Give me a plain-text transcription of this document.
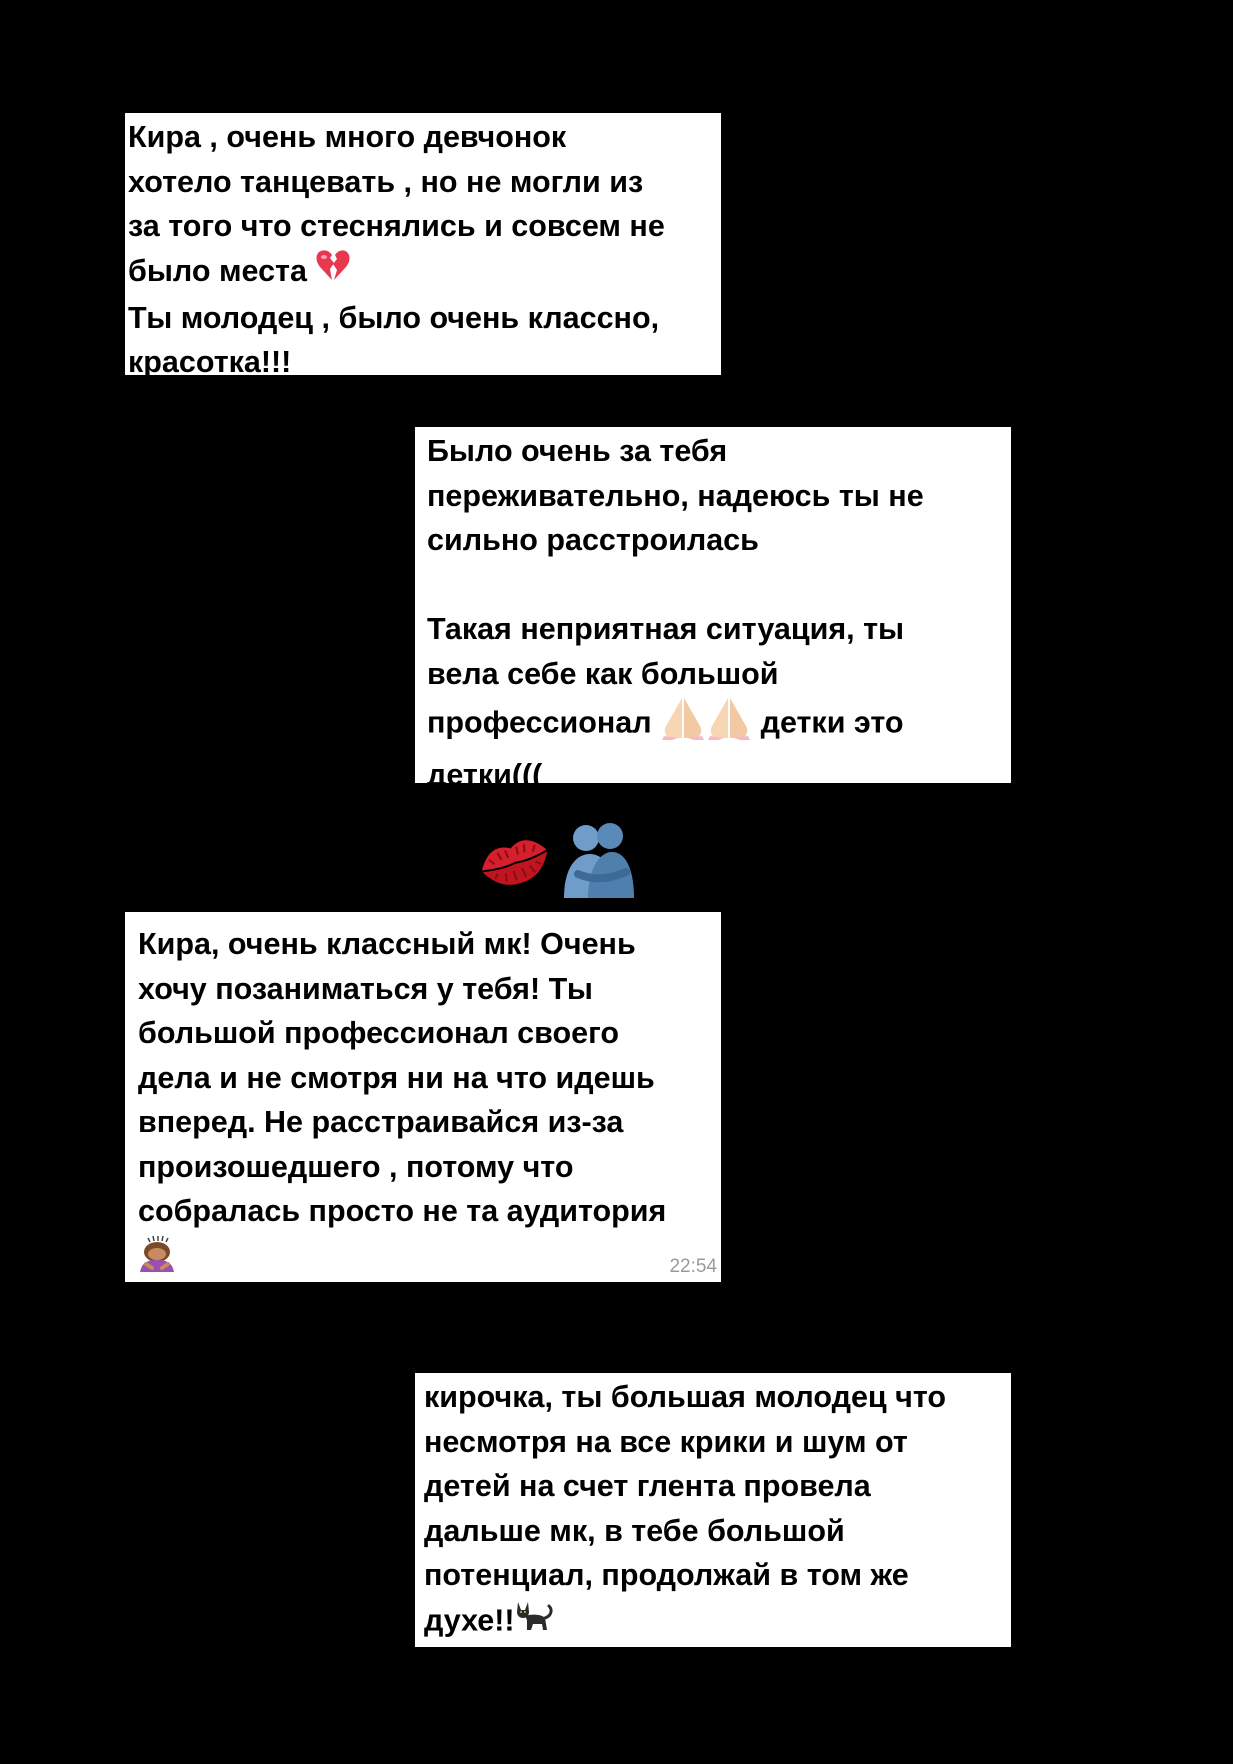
Кира , очень много девчонок
хотело танцевать , но не могли из
за того что стеснялись и совсем не
было места
Ты молодец , было очень классно,
красотка!!!
Было очень за тебя
переживательно, надеюсь ты не
сильно расстроилась
Такая неприятная ситуация, ты
вела себе как большой
профессионал	детки это
детки(((
Кира, очень классный мк! Очень
хочу позаниматься у тебя! Ты
большой профессионал своего
дела и не смотря ни на что идешь
вперед. Не расстраивайся из-за
произошедшего , потому что
собралась просто не та аудитория
22:54
кирочка, ты большая молодец что
несмотря на все крики и шум от
детей на счет глента провела
дальше мк, в тебе большой
потенциал, продолжай в том же
духе!!
